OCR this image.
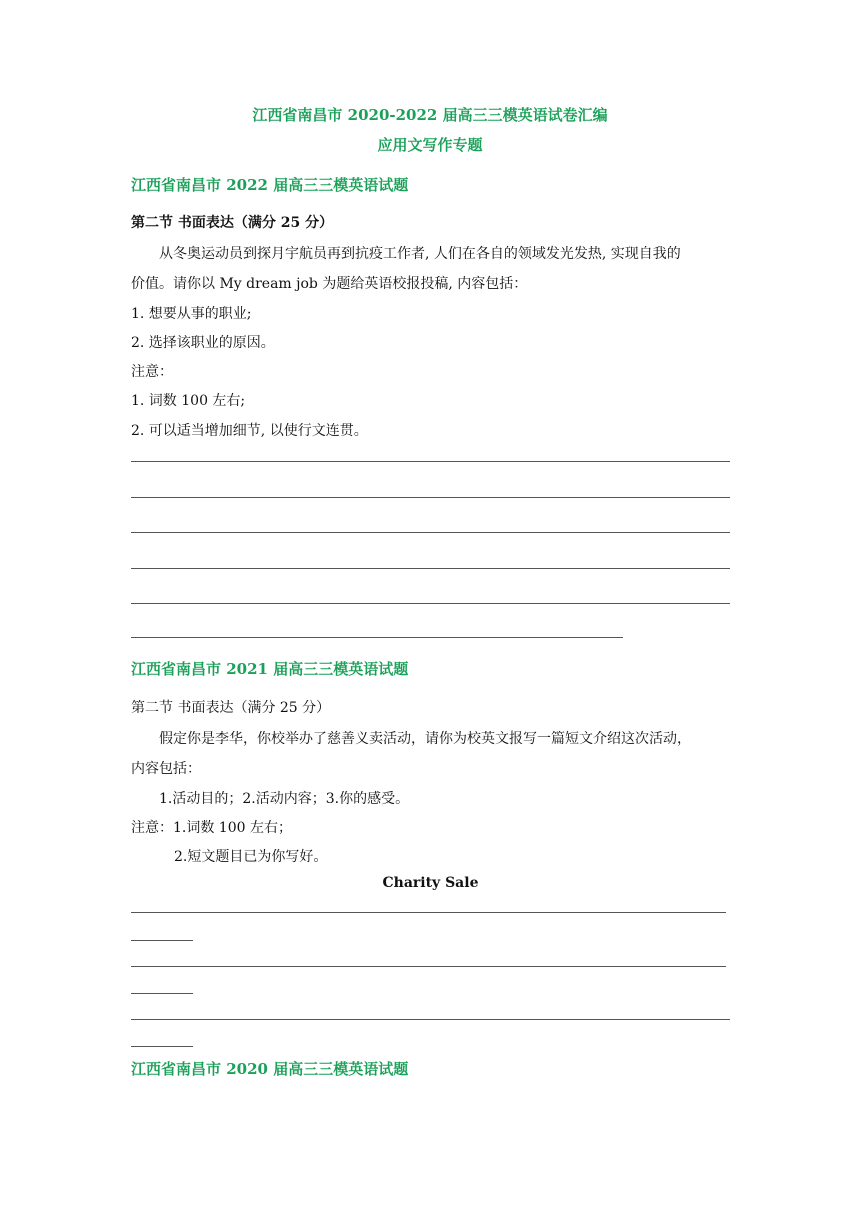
江西省南昌市 2020-2022 届高三三模英语试卷汇编
应用文写作专题
江西省南昌市 2022 届高三三模英语试题
第二节 书面表达（满分 25 分）
从冬奥运动员到探月宇航员再到抗疫工作者, 人们在各自的领域发光发热, 实现自我的
价值。请你以 My dream job 为题给英语校报投稿, 内容包括：
1. 想要从事的职业;
2. 选择该职业的原因。
注意：
1. 词数 100 左右;
2. 可以适当增加细节, 以使行文连贯。
江西省南昌市 2021 届高三三模英语试题
第二节 书面表达（满分 25 分）
假定你是李华，你校举办了慈善义卖活动，请你为校英文报写一篇短文介绍这次活动，
内容包括：
1.活动目的；2.活动内容；3.你的感受。
注意：1.词数 100 左右；
2.短文题目已为你写好。
Charity Sale
江西省南昌市 2020 届高三三模英语试题
